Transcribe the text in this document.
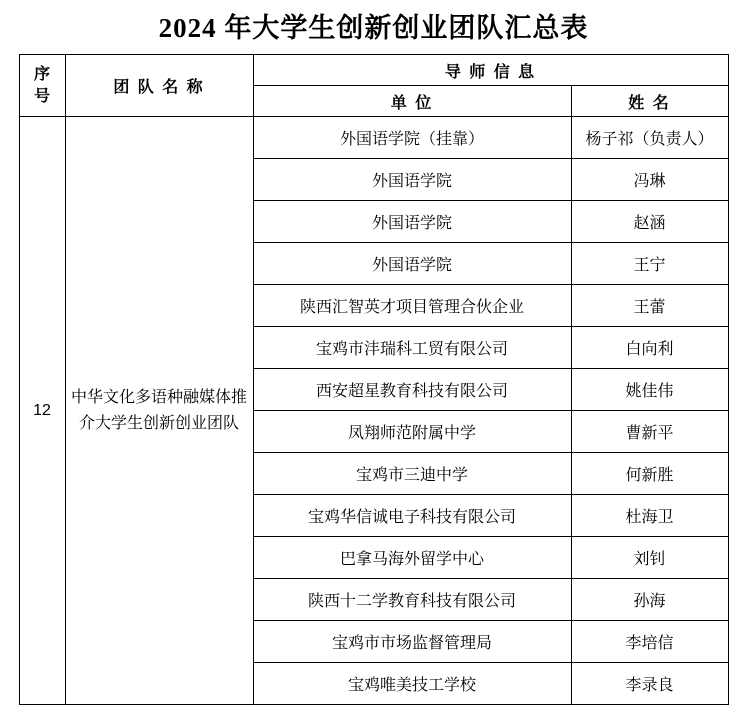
2024 年大学生创新创业团队汇总表
序
号	团 队 名 称	导 师 信 息	
		单 位	姓 名
12	中华文化多语种融媒体推介大学生创新创业团队	外国语学院（挂靠）	杨子祁（负责人）
		外国语学院	冯琳
		外国语学院	赵涵
		外国语学院	王宁
		陕西汇智英才项目管理合伙企业	王蕾
		宝鸡市沣瑞科工贸有限公司	白向利
		西安超星教育科技有限公司	姚佳伟
		凤翔师范附属中学	曹新平
		宝鸡市三迪中学	何新胜
		宝鸡华信诚电子科技有限公司	杜海卫
		巴拿马海外留学中心	刘钊
		陕西十二学教育科技有限公司	孙海
		宝鸡市市场监督管理局	李培信
		宝鸡唯美技工学校	李录良
